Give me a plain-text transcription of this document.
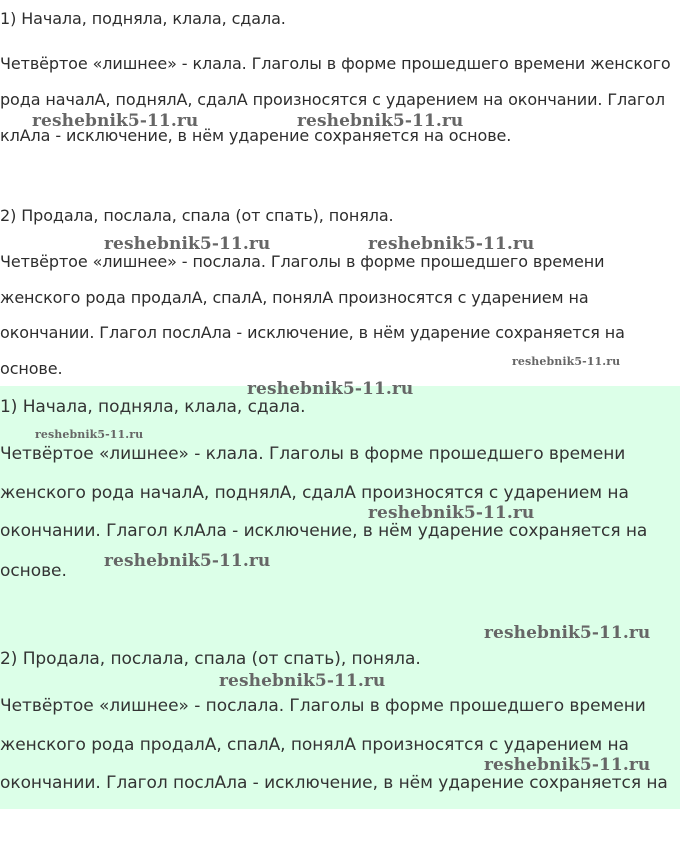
1) Начала, подняла, клала, сдала.
Четвёртое «лишнее» - клала. Глаголы в форме прошедшего времени женского
рода началА, поднялА, сдалА произносятся с ударением на окончании. Глагол
клАла - исключение, в нём ударение сохраняется на основе.
2) Продала, послала, спала (от спать), поняла.
Четвёртое «лишнее» - послала. Глаголы в форме прошедшего времени
женского рода продалА, спалА, понялА произносятся с ударением на
окончании. Глагол послАла - исключение, в нём ударение сохраняется на
основе.
1) Начала, подняла, клала, сдала.
Четвёртое «лишнее» - клала. Глаголы в форме прошедшего времени
женского рода началА, поднялА, сдалА произносятся с ударением на
окончании. Глагол клАла - исключение, в нём ударение сохраняется на
основе.
2) Продала, послала, спала (от спать), поняла.
Четвёртое «лишнее» - послала. Глаголы в форме прошедшего времени
женского рода продалА, спалА, понялА произносятся с ударением на
окончании. Глагол послАла - исключение, в нём ударение сохраняется на
reshebnik5-11.ru	reshebnik5-11.ru
reshebnik5-11.ru	reshebnik5-11.ru
reshebnik5-11.ru
reshebnik5-11.ru
reshebnik5-11.ru
reshebnik5-11.ru
reshebnik5-11.ru
reshebnik5-11.ru
reshebnik5-11.ru
reshebnik5-11.ru
